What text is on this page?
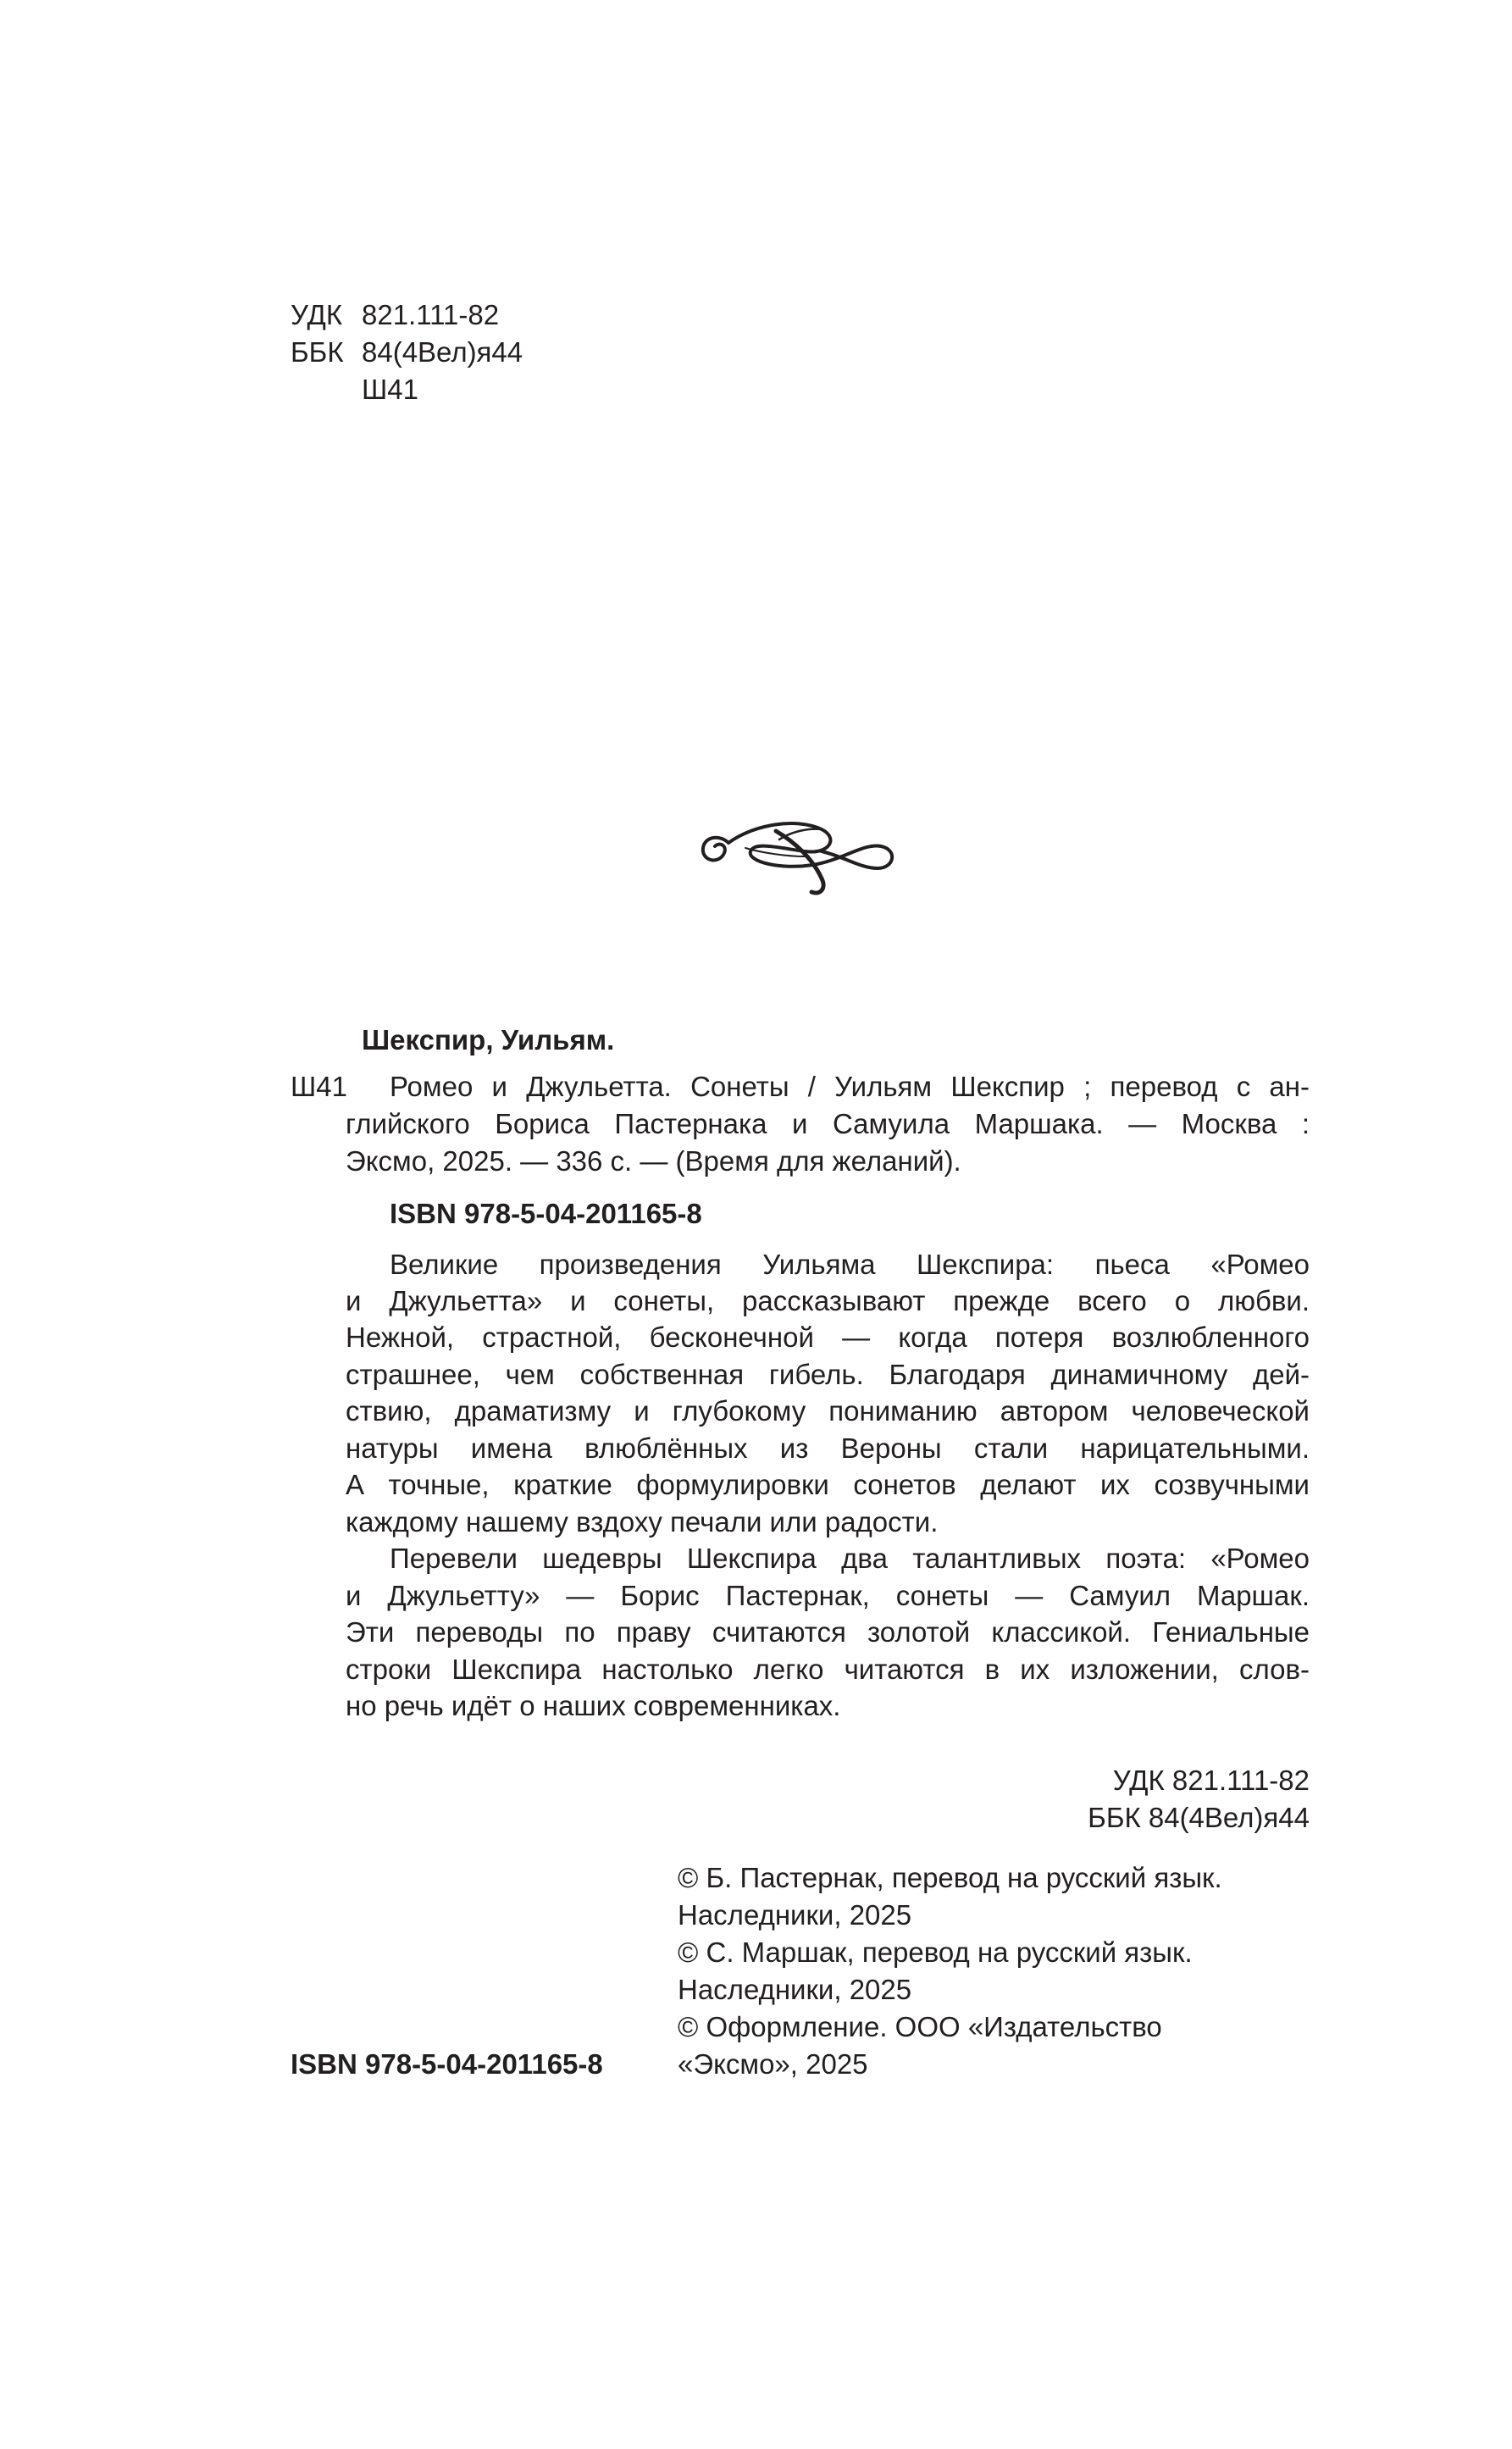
УДК 821.111-82
ББК 84(4Вел)я44
Ш41
Шекспир, Уильям.
Ш41 Ромео и Джульетта. Сонеты / Уильям Шекспир ; перевод с ан-
глийского Бориса Пастернака и Самуила Маршака. — Москва :
Эксмо, 2025. — 336 с. — (Время для желаний).
ISBN 978-5-04-201165-8
Великие произведения Уильяма Шекспира: пьеса «Ромео
и Джульетта» и сонеты, рассказывают прежде всего о любви.
Нежной, страстной, бесконечной — когда потеря возлюбленного
страшнее, чем собственная гибель. Благодаря динамичному дей-
ствию, драматизму и глубокому пониманию автором человеческой
натуры имена влюблённых из Вероны стали нарицательными.
А точные, краткие формулировки сонетов делают их созвучными
каждому нашему вздоху печали или радости.
Перевели шедевры Шекспира два талантливых поэта: «Ромео
и Джульетту» — Борис Пастернак, сонеты — Самуил Маршак.
Эти переводы по праву считаются золотой классикой. Гениальные
строки Шекспира настолько легко читаются в их изложении, слов-
но речь идёт о наших современниках.
УДК 821.111-82
ББК 84(4Вел)я44
© Б. Пастернак, перевод на русский язык.
Наследники, 2025
© С. Маршак, перевод на русский язык.
Наследники, 2025
© Оформление. ООО «Издательство
«Эксмо», 2025
ISBN 978-5-04-201165-8
